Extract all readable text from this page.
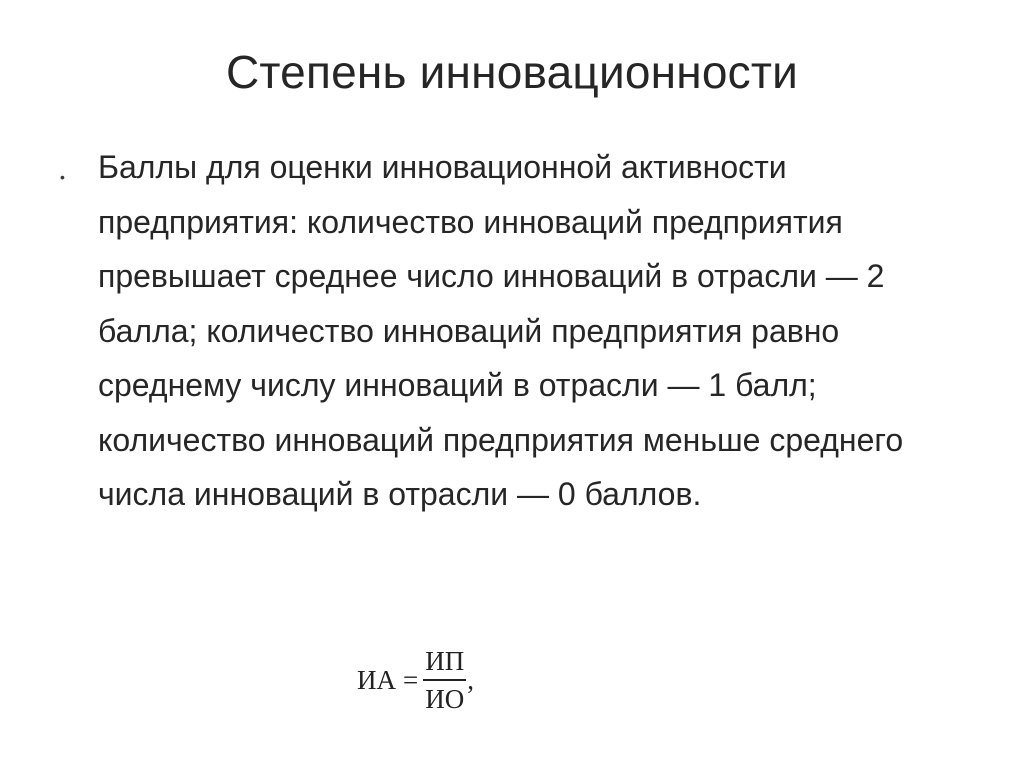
Степень инновационности
• Баллы для оценки инновационной активности предприятия: количество инноваций предприятия превышает среднее число инноваций в отрасли — 2 балла; количество инноваций предприятия равно среднему числу инноваций в отрасли — 1 балл; количество инноваций предприятия меньше среднего числа инноваций в отрасли — 0 баллов.
ИА = $\frac{ИП}{ИО}$ ,
